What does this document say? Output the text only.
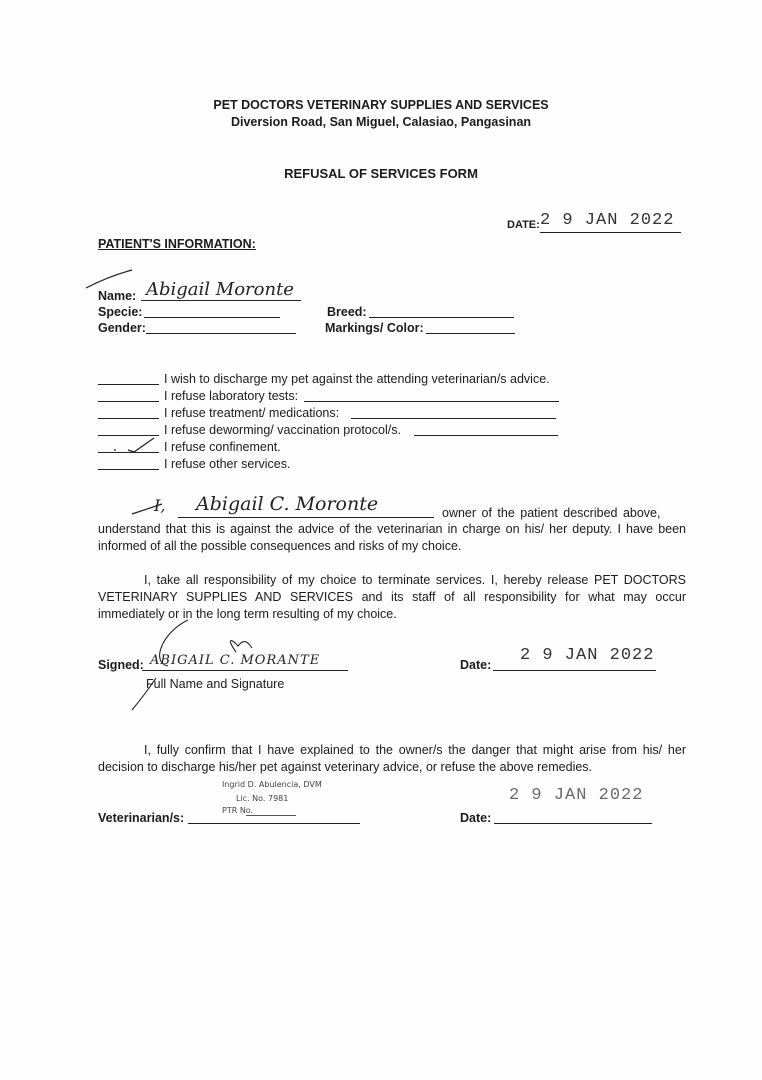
PET DOCTORS VETERINARY SUPPLIES AND SERVICES
Diversion Road, San Miguel, Calasiao, Pangasinan
REFUSAL OF SERVICES FORM
DATE: 2 9 JAN 2022
PATIENT'S INFORMATION:
Name: Abigail Moronte
Specie:	Breed:
Gender:	Markings/ Color:
I wish to discharge my pet against the attending veterinarian/s advice.
I refuse laboratory tests:
I refuse treatment/ medications:
I refuse deworming/ vaccination protocol/s.
I refuse confinement.
I refuse other services.
I, Abigail C. Moronte	owner of the patient described above,
understand that this is against the advice of the veterinarian in charge on his/ her deputy. I have been informed of all the possible consequences and risks of my choice.
I, take all responsibility of my choice to terminate services. I, hereby release PET DOCTORS VETERINARY SUPPLIES AND SERVICES and its staff of all responsibility for what may occur immediately or in the long term resulting of my choice.
Signed: ABIGAIL C. MORANTE
Full Name and Signature
Date: 2 9 JAN 2022
I, fully confirm that I have explained to the owner/s the danger that might arise from his/ her decision to discharge his/her pet against veterinary advice, or refuse the above remedies.
Ingrid D. Abulencia, DVM
Lic. No. 7981
PTR No.
Veterinarian/s:	Date:
2 9 JAN 2022
